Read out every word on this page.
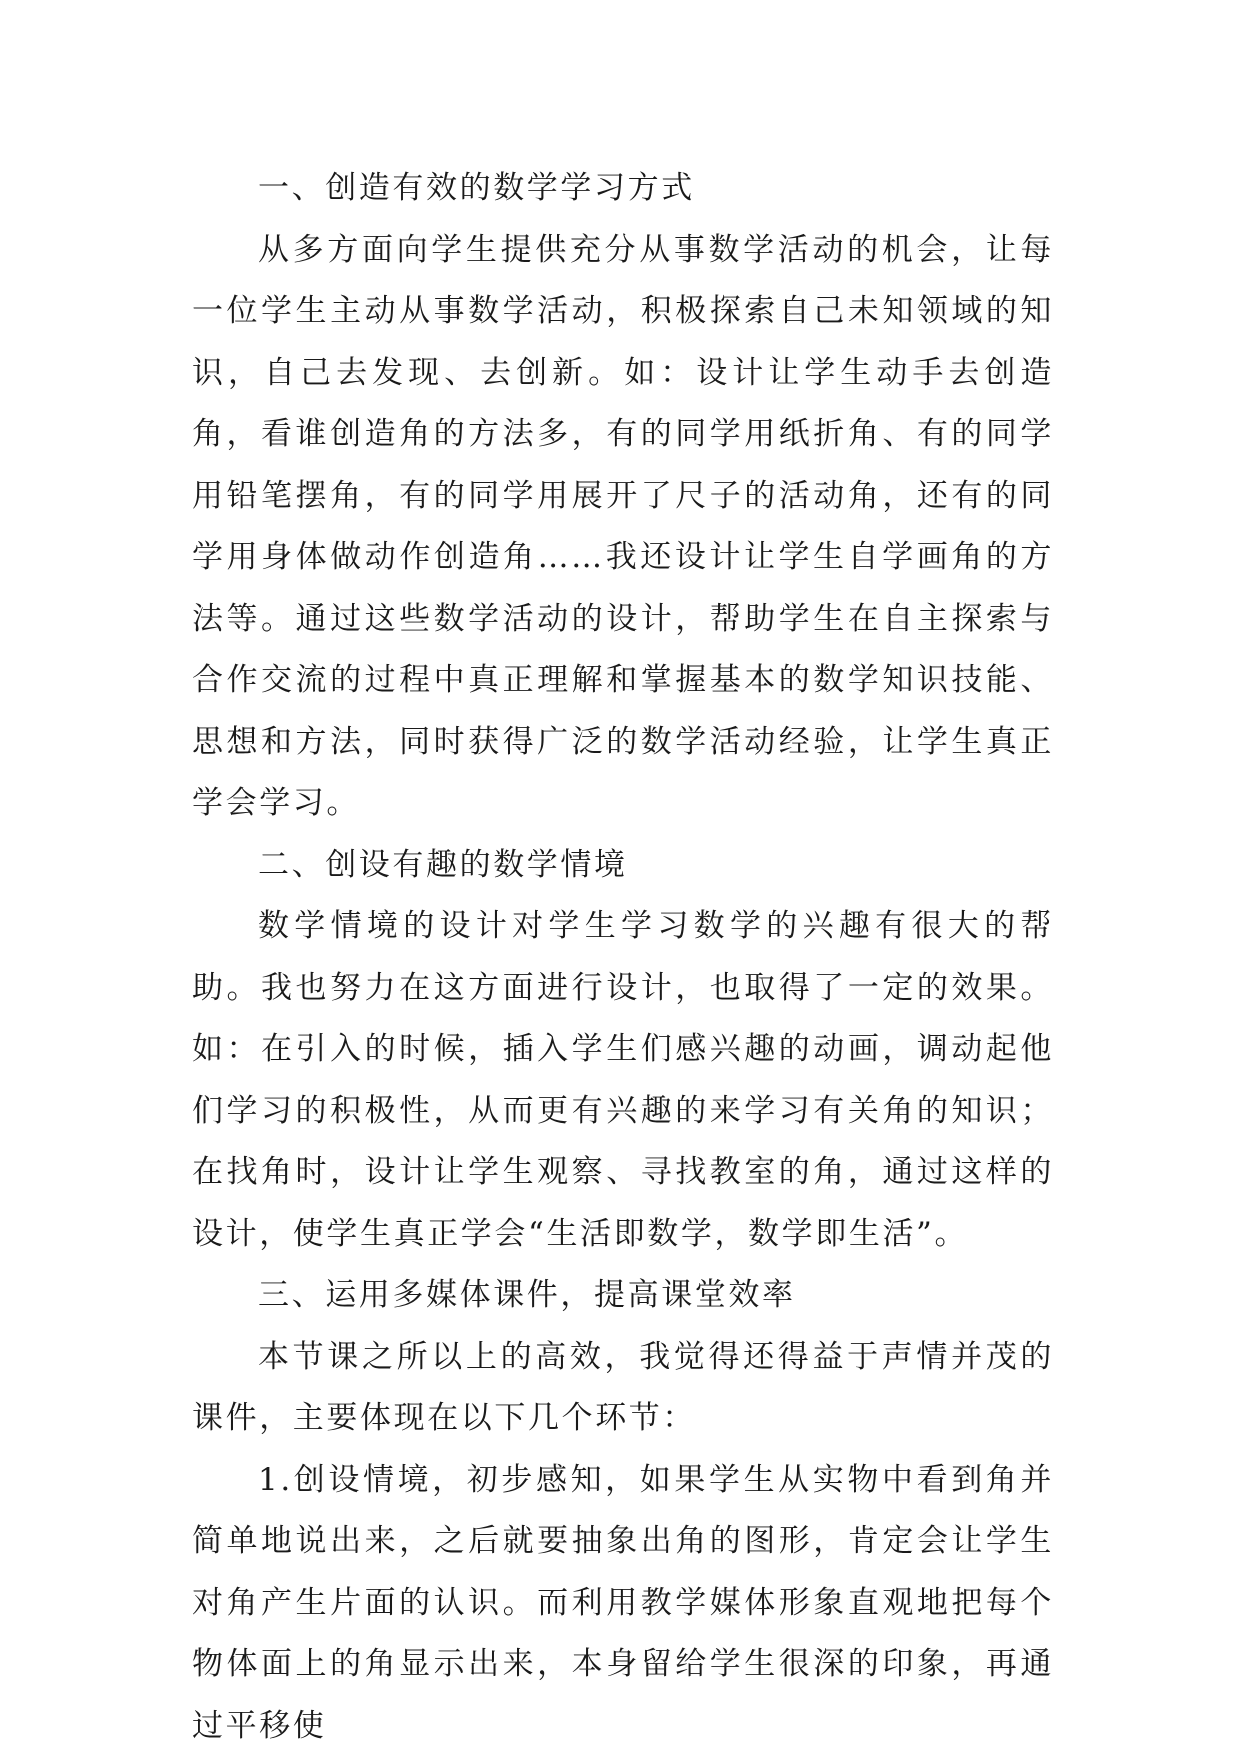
一、创造有效的数学学习方式

从多方面向学生提供充分从事数学活动的机会，让每一位学生主动从事数学活动，积极探索自己未知领域的知识，自己去发现、去创新。如：设计让学生动手去创造角，看谁创造角的方法多，有的同学用纸折角、有的同学用铅笔摆角，有的同学用展开了尺子的活动角，还有的同学用身体做动作创造角……我还设计让学生自学画角的方法等。通过这些数学活动的设计，帮助学生在自主探索与合作交流的过程中真正理解和掌握基本的数学知识技能、思想和方法，同时获得广泛的数学活动经验，让学生真正学会学习。

二、创设有趣的数学情境

数学情境的设计对学生学习数学的兴趣有很大的帮助。我也努力在这方面进行设计，也取得了一定的效果。如：在引入的时候，插入学生们感兴趣的动画，调动起他们学习的积极性，从而更有兴趣的来学习有关角的知识；在找角时，设计让学生观察、寻找教室的角，通过这样的设计，使学生真正学会“生活即数学，数学即生活”。

三、运用多媒体课件，提高课堂效率

本节课之所以上的高效，我觉得还得益于声情并茂的课件，主要体现在以下几个环节：

1.创设情境，初步感知，如果学生从实物中看到角并简单地说出来，之后就要抽象出角的图形，肯定会让学生对角产生片面的认识。而利用教学媒体形象直观地把每个物体面上的角显示出来，本身留给学生很深的印象，再通过平移使
